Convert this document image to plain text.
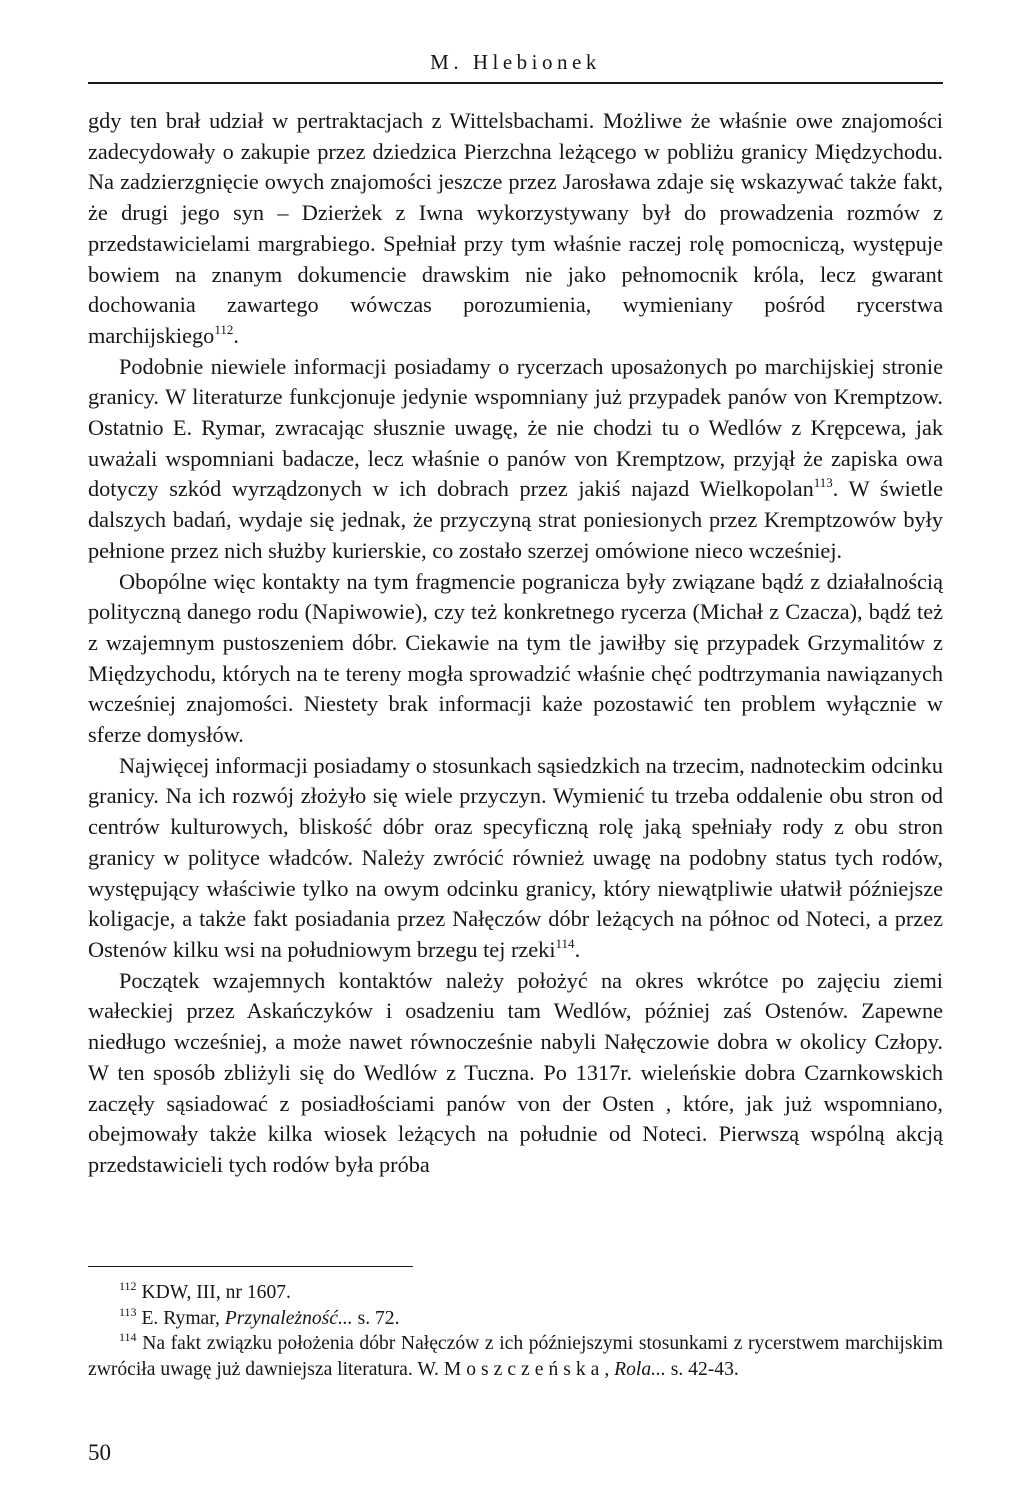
M. Hlebionek

gdy ten brał udział w pertraktacjach z Wittelsbachami. Możliwe że właśnie owe znajomości zadecydowały o zakupie przez dziedzica Pierzchna leżącego w pobliżu granicy Międzychodu. Na zadzierzgnięcie owych znajomości jeszcze przez Jarosława zdaje się wskazywać także fakt, że drugi jego syn – Dzierżek z Iwna wykorzystywany był do prowadzenia rozmów z przedstawicielami margrabiego. Spełniał przy tym właśnie raczej rolę pomocniczą, występuje bowiem na znanym dokumencie drawskim nie jako pełnomocnik króla, lecz gwarant dochowania zawartego wówczas porozumienia, wymieniany pośród rycerstwa marchijskiego$^{112}$.

Podobnie niewiele informacji posiadamy o rycerzach uposażonych po marchijskiej stronie granicy. W literaturze funkcjonuje jedynie wspomniany już przypadek panów von Kremptzow. Ostatnio E. Rymar, zwracając słusznie uwagę, że nie chodzi tu o Wedlów z Krępcewa, jak uważali wspomniani badacze, lecz właśnie o panów von Kremptzow, przyjął że zapiska owa dotyczy szkód wyrządzonych w ich dobrach przez jakiś najazd Wielkopolan$^{113}$. W świetle dalszych badań, wydaje się jednak, że przyczyną strat poniesionych przez Kremptzowów były pełnione przez nich służby kurierskie, co zostało szerzej omówione nieco wcześniej.

Obopólne więc kontakty na tym fragmencie pogranicza były związane bądź z działalnością polityczną danego rodu (Napiwowie), czy też konkretnego rycerza (Michał z Czacza), bądź też z wzajemnym pustoszeniem dóbr. Ciekawie na tym tle jawiłby się przypadek Grzymalitów z Międzychodu, których na te tereny mogła sprowadzić właśnie chęć podtrzymania nawiązanych wcześniej znajomości. Niestety brak informacji każe pozostawić ten problem wyłącznie w sferze domysłów.

Najwięcej informacji posiadamy o stosunkach sąsiedzkich na trzecim, nadnoteckim odcinku granicy. Na ich rozwój złożyło się wiele przyczyn. Wymienić tu trzeba oddalenie obu stron od centrów kulturowych, bliskość dóbr oraz specyficzną rolę jaką spełniały rody z obu stron granicy w polityce władców. Należy zwrócić również uwagę na podobny status tych rodów, występujący właściwie tylko na owym odcinku granicy, który niewątpliwie ułatwił późniejsze koligacje, a także fakt posiadania przez Nałęczów dóbr leżących na północ od Noteci, a przez Ostenów kilku wsi na południowym brzegu tej rzeki$^{114}$.

Początek wzajemnych kontaktów należy położyć na okres wkrótce po zajęciu ziemi wałeckiej przez Askańczyków i osadzeniu tam Wedlów, później zaś Ostenów. Zapewne niedługo wcześniej, a może nawet równocześnie nabyli Nałęczowie dobra w okolicy Człopy. W ten sposób zbliżyli się do Wedlów z Tuczna. Po 1317r. wieleńskie dobra Czarnkowskich zaczęły sąsiadować z posiadłościami panów von der Osten , które, jak już wspomniano, obejmowały także kilka wiosek leżących na południe od Noteci. Pierwszą wspólną akcją przedstawicieli tych rodów była próba

$^{112}$ KDW, III, nr 1607.

$^{113}$ E. Rymar, Przynależność... s. 72.

$^{114}$ Na fakt związku położenia dóbr Nałęczów z ich późniejszymi stosunkami z rycerstwem marchijskim zwróciła uwagę już dawniejsza literatura. W. Moszczeńska, Rola... s. 42-43.

50
